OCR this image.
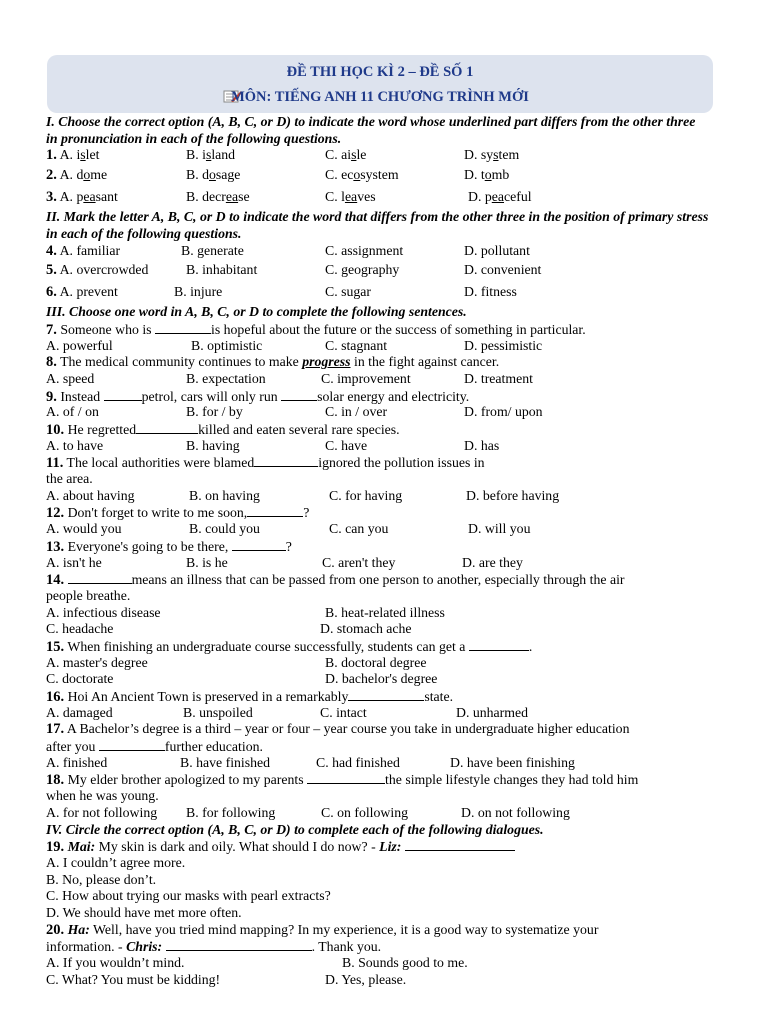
ĐỀ THI HỌC KÌ 2 – ĐỀ SỐ 1
MÔN: TIẾNG ANH 11 CHƯƠNG TRÌNH MỚI
I. Choose the correct option (A, B, C, or D) to indicate the word whose underlined part differs from the other three in pronunciation in each of the following questions.
1. A. islet	B. island	C. aisle	D. system
2. A. dome	B. dosage	C. ecosystem	D. tomb
3. A. peasant	B. decrease	C. leaves	D. peaceful
II. Mark the letter A, B, C, or D to indicate the word that differs from the other three in the position of primary stress in each of the following questions.
4. A. familiar	B. generate	C. assignment	D. pollutant
5. A. overcrowded	B. inhabitant	C. geography	D. convenient
6. A. prevent	B. injure	C. sugar	D. fitness
III. Choose one word in A, B, C, or D to complete the following sentences.
7. Someone who is	is hopeful about the future or the success of something in particular.
A. powerful	B. optimistic	C. stagnant	D. pessimistic
8. The medical community continues to make progress in the fight against cancer.
A. speed	B. expectation	C. improvement	D. treatment
9. Instead	petrol, cars will only run	solar energy and electricity.
A. of / on	B. for / by	C. in / over	D. from/ upon
10. He regretted	killed and eaten several rare species.
A. to have	B. having	C. have	D. has
11. The local authorities were blamed	ignored the pollution issues in
the area.
A. about having	B. on having	C. for having	D. before having
12. Don't forget to write to me soon,	?
A. would you	B. could you	C. can you	D. will you
13. Everyone's going to be there,	?
A. isn't he	B. is he	C. aren't they	D. are they
14.	means an illness that can be passed from one person to another, especially through the air
people breathe.
A. infectious disease	B. heat-related illness
C. headache	D. stomach ache
15. When finishing an undergraduate course successfully, students can get a	.
A. master's degree	B. doctoral degree
C. doctorate	D. bachelor's degree
16. Hoi An Ancient Town is preserved in a remarkably	state.
A. damaged	B. unspoiled	C. intact	D. unharmed
17. A Bachelor’s degree is a third – year or four – year course you take in undergraduate higher education
after you	further education.
A. finished	B. have finished	C. had finished	D. have been finishing
18. My elder brother apologized to my parents	the simple lifestyle changes they had told him
when he was young.
A. for not following B. for following	C. on following	D. on not following
IV. Circle the correct option (A, B, C, or D) to complete each of the following dialogues.
19. Mai: My skin is dark and oily. What should I do now? - Liz:
A. I couldn’t agree more.
B. No, please don’t.
C. How about trying our masks with pearl extracts?
D. We should have met more often.
20. Ha: Well, have you tried mind mapping? In my experience, it is a good way to systematize your
information. - Chris:	. Thank you.
A. If you wouldn’t mind.	B. Sounds good to me.
C. What? You must be kidding!	D. Yes, please.
